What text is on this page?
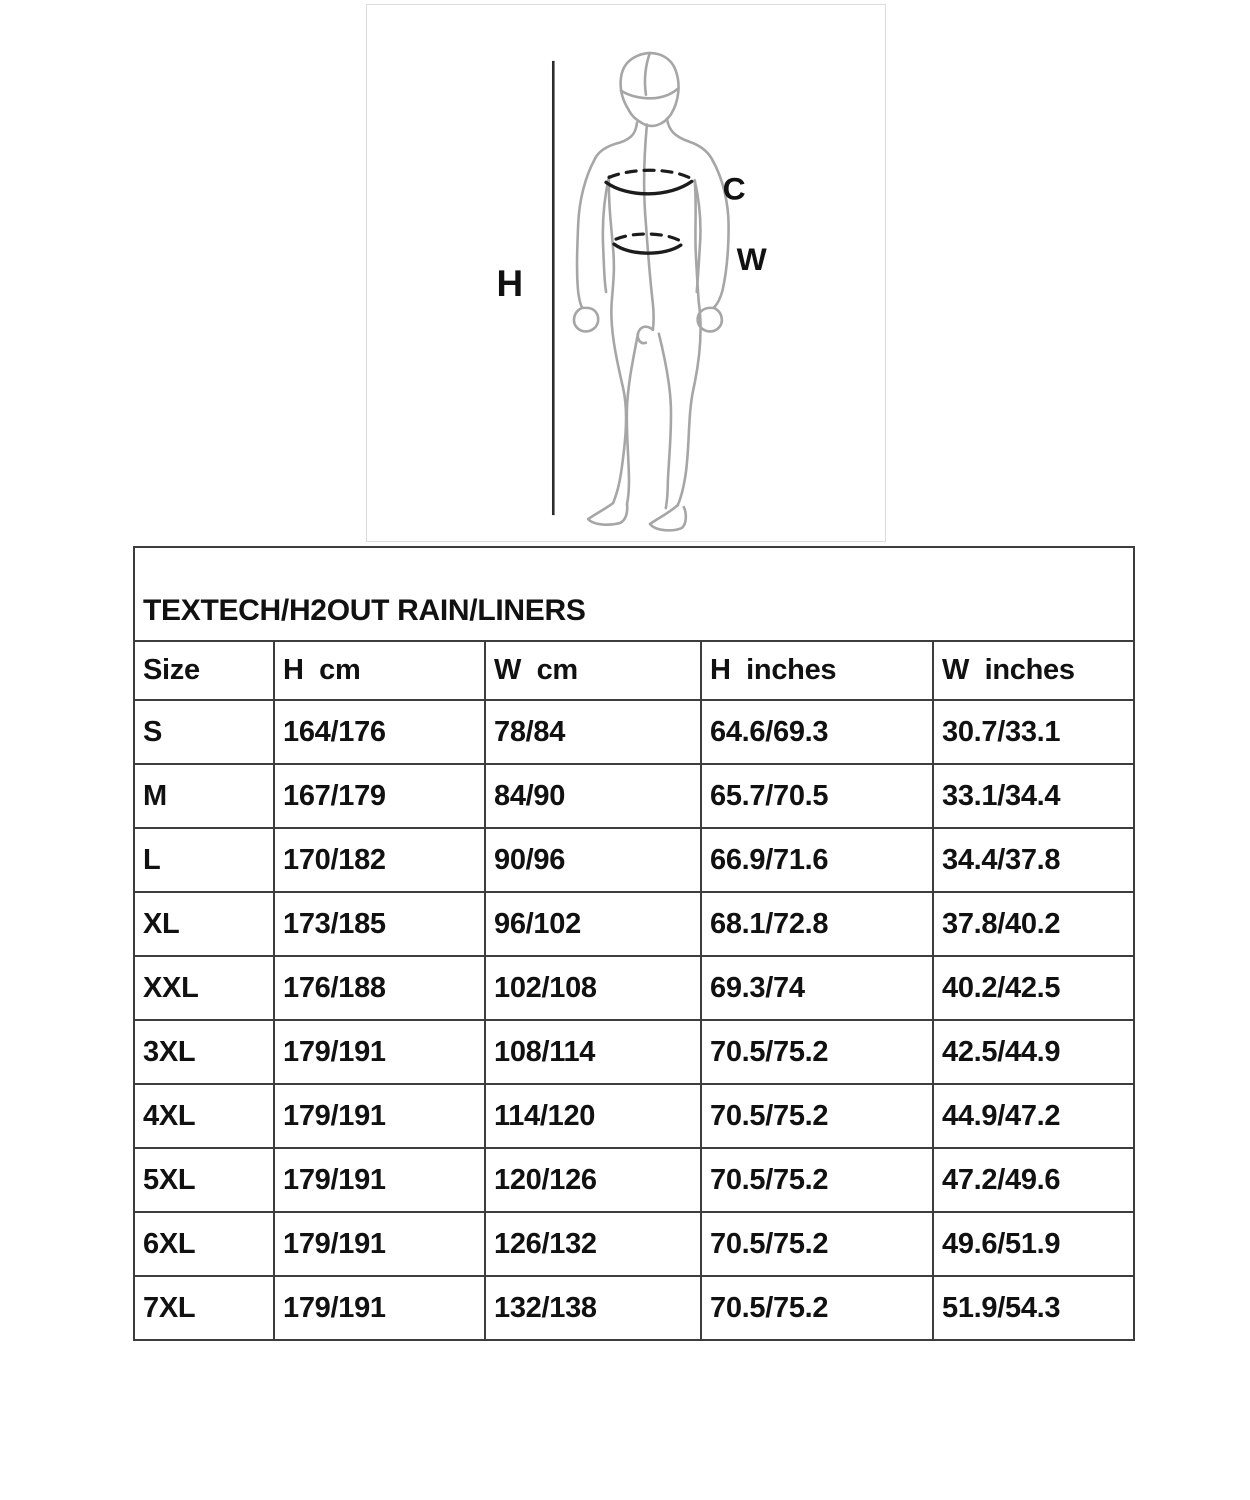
H
C
W
TEXTECH/H2OUT RAIN/LINERS				
Size	H  cm	W  cm	H  inches	W  inches
S	164/176	78/84	64.6/69.3	30.7/33.1
M	167/179	84/90	65.7/70.5	33.1/34.4
L	170/182	90/96	66.9/71.6	34.4/37.8
XL	173/185	96/102	68.1/72.8	37.8/40.2
XXL	176/188	102/108	69.3/74	40.2/42.5
3XL	179/191	108/114	70.5/75.2	42.5/44.9
4XL	179/191	114/120	70.5/75.2	44.9/47.2
5XL	179/191	120/126	70.5/75.2	47.2/49.6
6XL	179/191	126/132	70.5/75.2	49.6/51.9
7XL	179/191	132/138	70.5/75.2	51.9/54.3
